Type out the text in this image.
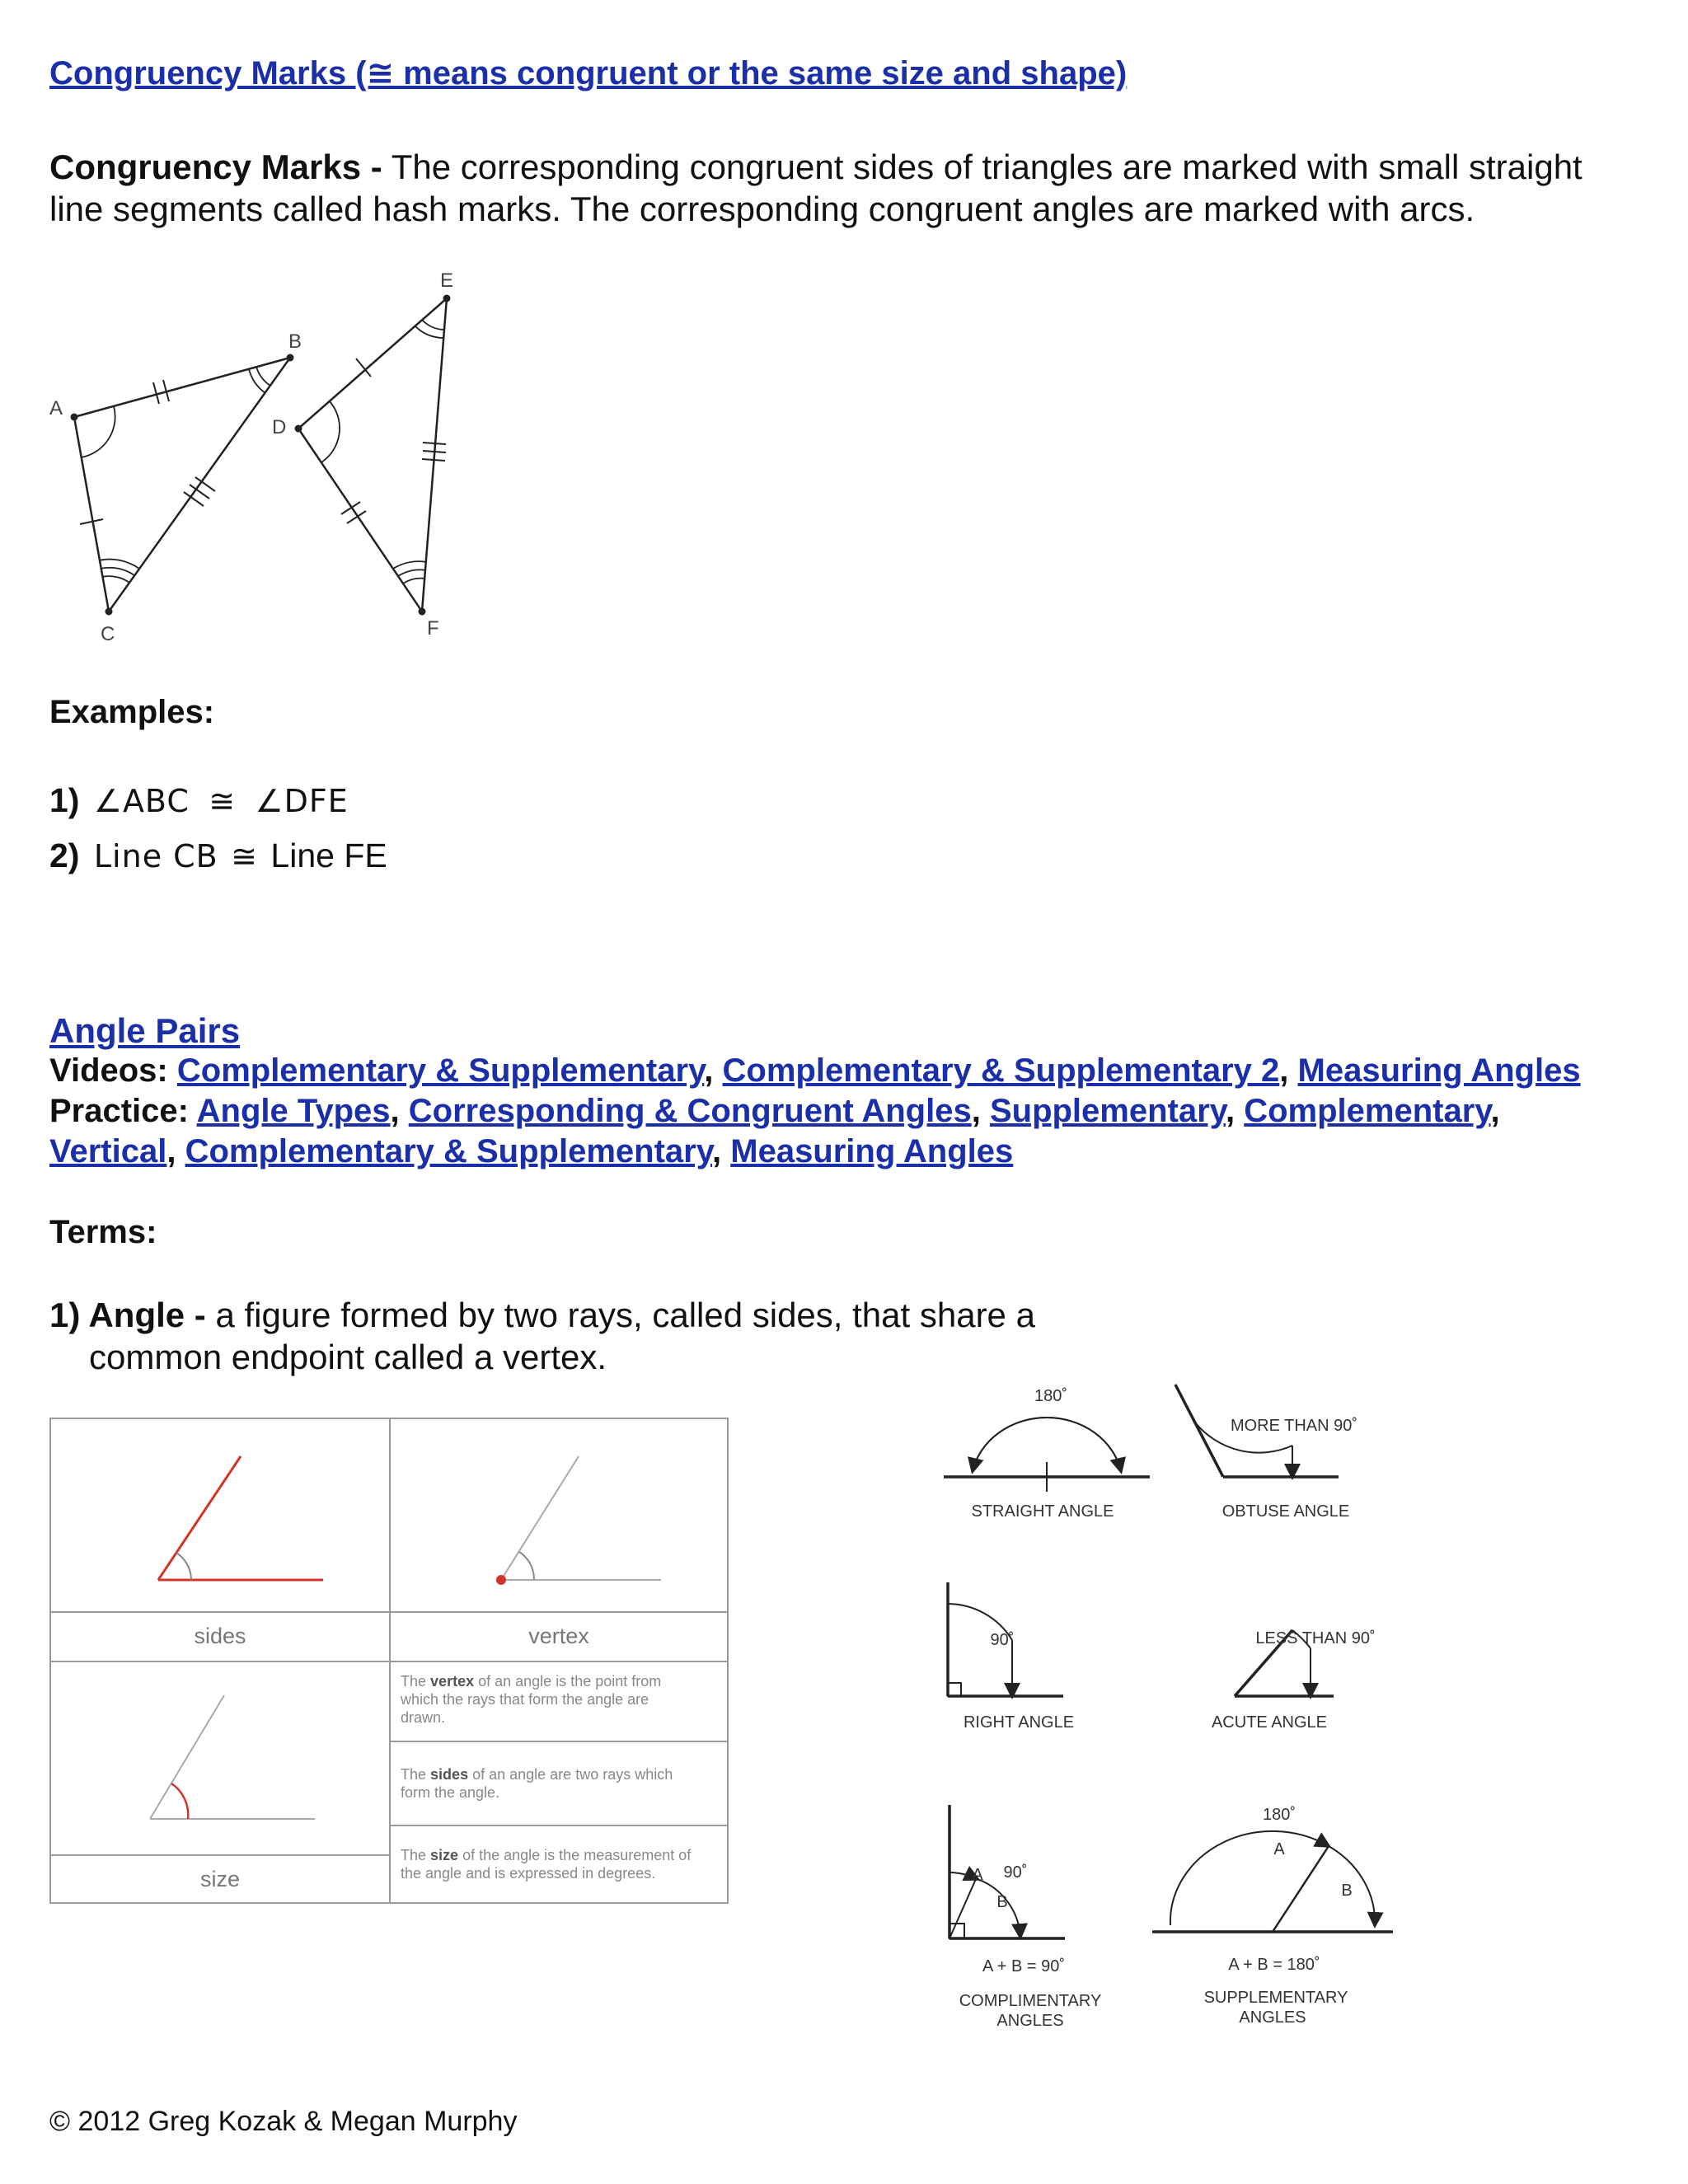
Congruency Marks (≅ means congruent or the same size and shape)
Congruency Marks - The corresponding congruent sides of triangles are marked with small straight
line segments called hash marks. The corresponding congruent angles are marked with arcs.
A
B
C
D
E
F
Examples:
1) ∠ABC ≅ ∠DFE
2) Line CB ≅ Line FE
Angle Pairs
Videos: Complementary & Supplementary, Complementary & Supplementary 2, Measuring Angles
Practice: Angle Types, Corresponding & Congruent Angles, Supplementary, Complementary,
Vertical, Complementary & Supplementary, Measuring Angles
Terms:
1) Angle - a figure formed by two rays, called sides, that share a
common endpoint called a vertex.
sides	vertex
size
The vertex of an angle is the point from which the rays that form the angle are drawn.
The sides of an angle are two rays which form the angle.
The size of the angle is the measurement of the angle and is expressed in degrees.
180˚
STRAIGHT ANGLE
MORE THAN 90˚
OBTUSE ANGLE
90˚
RIGHT ANGLE
LESS THAN 90˚
ACUTE ANGLE
A 90˚
B
A + B = 90˚
COMPLIMENTARY
ANGLES
180˚
A
B
A + B = 180˚
SUPPLEMENTARY
ANGLES
© 2012 Greg Kozak & Megan Murphy
